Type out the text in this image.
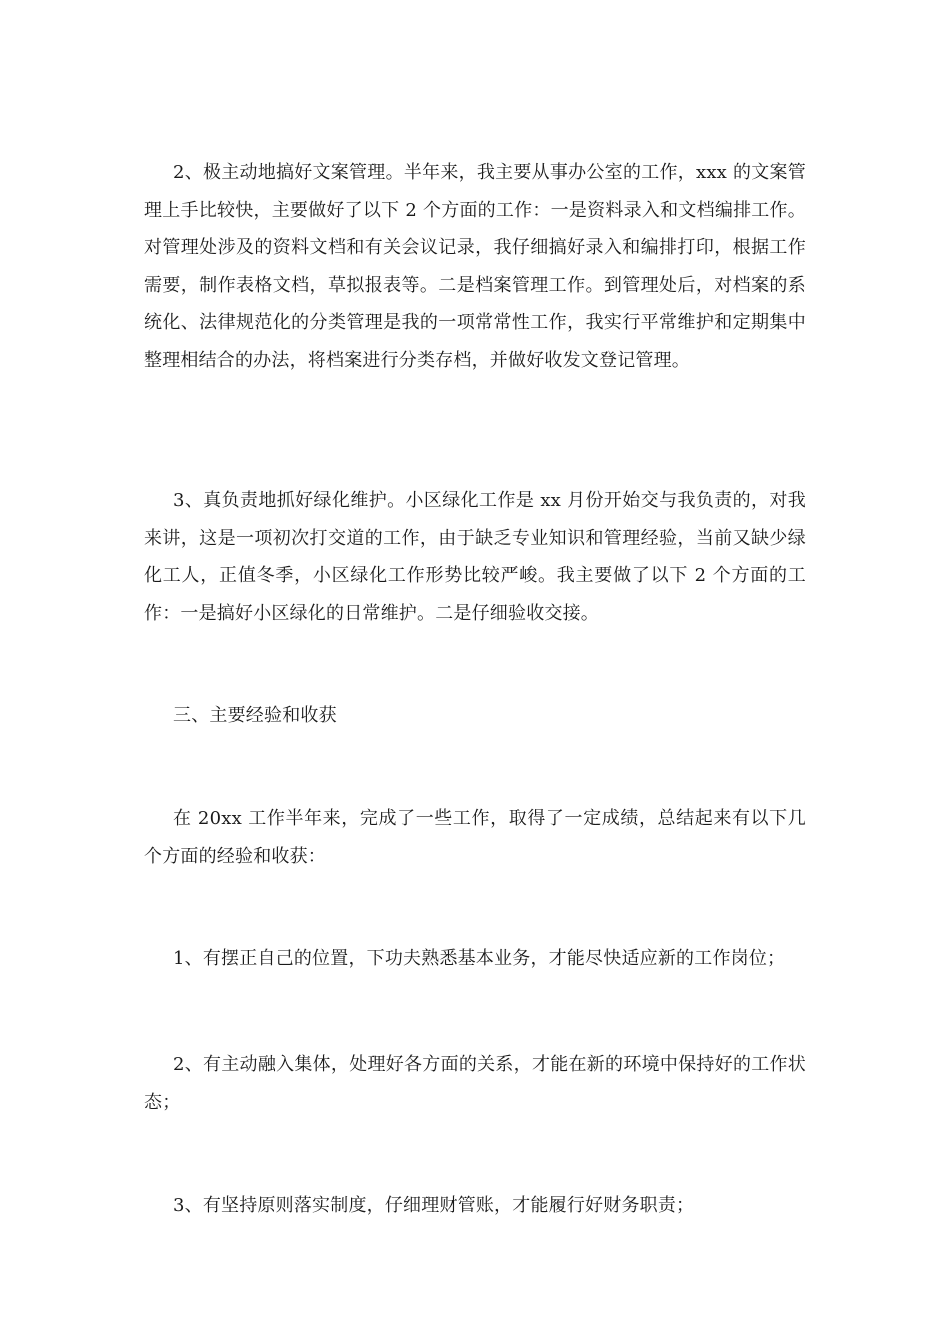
2、极主动地搞好文案管理。半年来，我主要从事办公室的工作，xxx 的文案管理上手比较快，主要做好了以下 2 个方面的工作：一是资料录入和文档编排工作。对管理处涉及的资料文档和有关会议记录，我仔细搞好录入和编排打印，根据工作需要，制作表格文档，草拟报表等。二是档案管理工作。到管理处后，对档案的系统化、法律规范化的分类管理是我的一项常常性工作，我实行平常维护和定期集中整理相结合的办法，将档案进行分类存档，并做好收发文登记管理。

3、真负责地抓好绿化维护。小区绿化工作是 xx 月份开始交与我负责的，对我来讲，这是一项初次打交道的工作，由于缺乏专业知识和管理经验，当前又缺少绿化工人，正值冬季，小区绿化工作形势比较严峻。我主要做了以下 2 个方面的工作：一是搞好小区绿化的日常维护。二是仔细验收交接。

三、主要经验和收获

在 20xx 工作半年来，完成了一些工作，取得了一定成绩，总结起来有以下几个方面的经验和收获：

1、有摆正自己的位置，下功夫熟悉基本业务，才能尽快适应新的工作岗位；

2、有主动融入集体，处理好各方面的关系，才能在新的环境中保持好的工作状态；

3、有坚持原则落实制度，仔细理财管账，才能履行好财务职责；
